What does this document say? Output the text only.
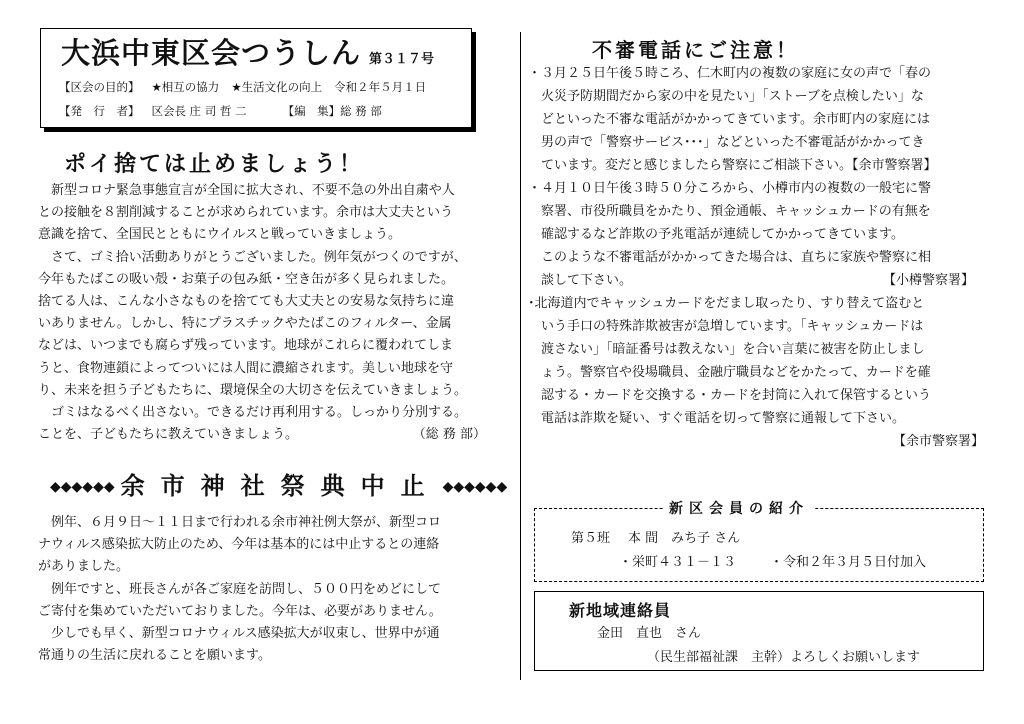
大浜中東区会つうしん 第３１７号
【区会の目的】 ★相互の協力 ★生活文化の向上 令和２年５月１日
【発　行　者】 区会長 庄 司 哲 二	【編　集】総 務 部
ポイ捨ては止めましょう！

　新型コロナ緊急事態宣言が全国に拡大され、不要不急の外出自粛や人

との接触を８割削減することが求められています。余市は大丈夫という

意識を捨て、全国民とともにウイルスと戦っていきましょう。

　さて、ゴミ拾い活動ありがとうございました。例年気がつくのですが、

今年もたばこの吸い殻・お菓子の包み紙・空き缶が多く見られました。

捨てる人は、こんな小さなものを捨てても大丈夫との安易な気持ちに違

いありません。しかし、特にプラスチックやたばこのフィルター、金属

などは、いつまでも腐らず残っています。地球がこれらに覆われてしま

うと、食物連鎖によってついには人間に濃縮されます。美しい地球を守

り、未来を担う子どもたちに、環境保全の大切さを伝えていきましょう。

　ゴミはなるべく出さない。できるだけ再利用する。しっかり分別する。

ことを、子どもたちに教えていきましょう。	（総 務 部）

◆◆◆◆◆◆ 余市神社祭典中止 ◆◆◆◆◆◆

　例年、６月９日～１１日まで行われる余市神社例大祭が、新型コロ

ナウィルス感染拡大防止のため、今年は基本的には中止するとの連絡

がありました。

　例年ですと、班長さんが各ご家庭を訪問し、５００円をめどにして

ご寄付を集めていただいておりました。今年は、必要がありません。

　少しでも早く、新型コロナウィルス感染拡大が収束し、世界中が通

常通りの生活に戻れることを願います。

不審電話にご注意！

・３月２５日午後５時ころ、仁木町内の複数の家庭に女の声で「春の

　火災予防期間だから家の中を見たい」「ストーブを点検したい」な

　どといった不審な電話がかかってきています。余市町内の家庭には

　男の声で「警察サービス･･･」などといった不審電話がかかってき

　ています。変だと感じましたら警察にご相談下さい。【余市警察署】

・４月１０日午後３時５０分ころから、小樽市内の複数の一般宅に警

　察署、市役所職員をかたり、預金通帳、キャッシュカードの有無を

　確認するなど詐欺の予兆電話が連続してかかってきています。

　このような不審電話がかかってきた場合は、直ちに家族や警察に相

　談して下さい。	【小樽警察署】

･北海道内でキャッシュカードをだまし取ったり、すり替えて盗むと

　いう手口の特殊詐欺被害が急増しています。「キャッシュカードは

　渡さない」「暗証番号は教えない」を合い言葉に被害を防止しまし

　ょう。警察官や役場職員、金融庁職員などをかたって、カードを確

　認する・カードを交換する・カードを封筒に入れて保管するという

　電話は詐欺を疑い、すぐ電話を切って警察に通報して下さい。

【余市警察署】

新区会員の紹介
第５班 本 間　みち子 さん
・栄町４３１－１３	・令和２年３月５日付加入
新地域連絡員
金田　直也　さん
（民生部福祉課　主幹）よろしくお願いします
